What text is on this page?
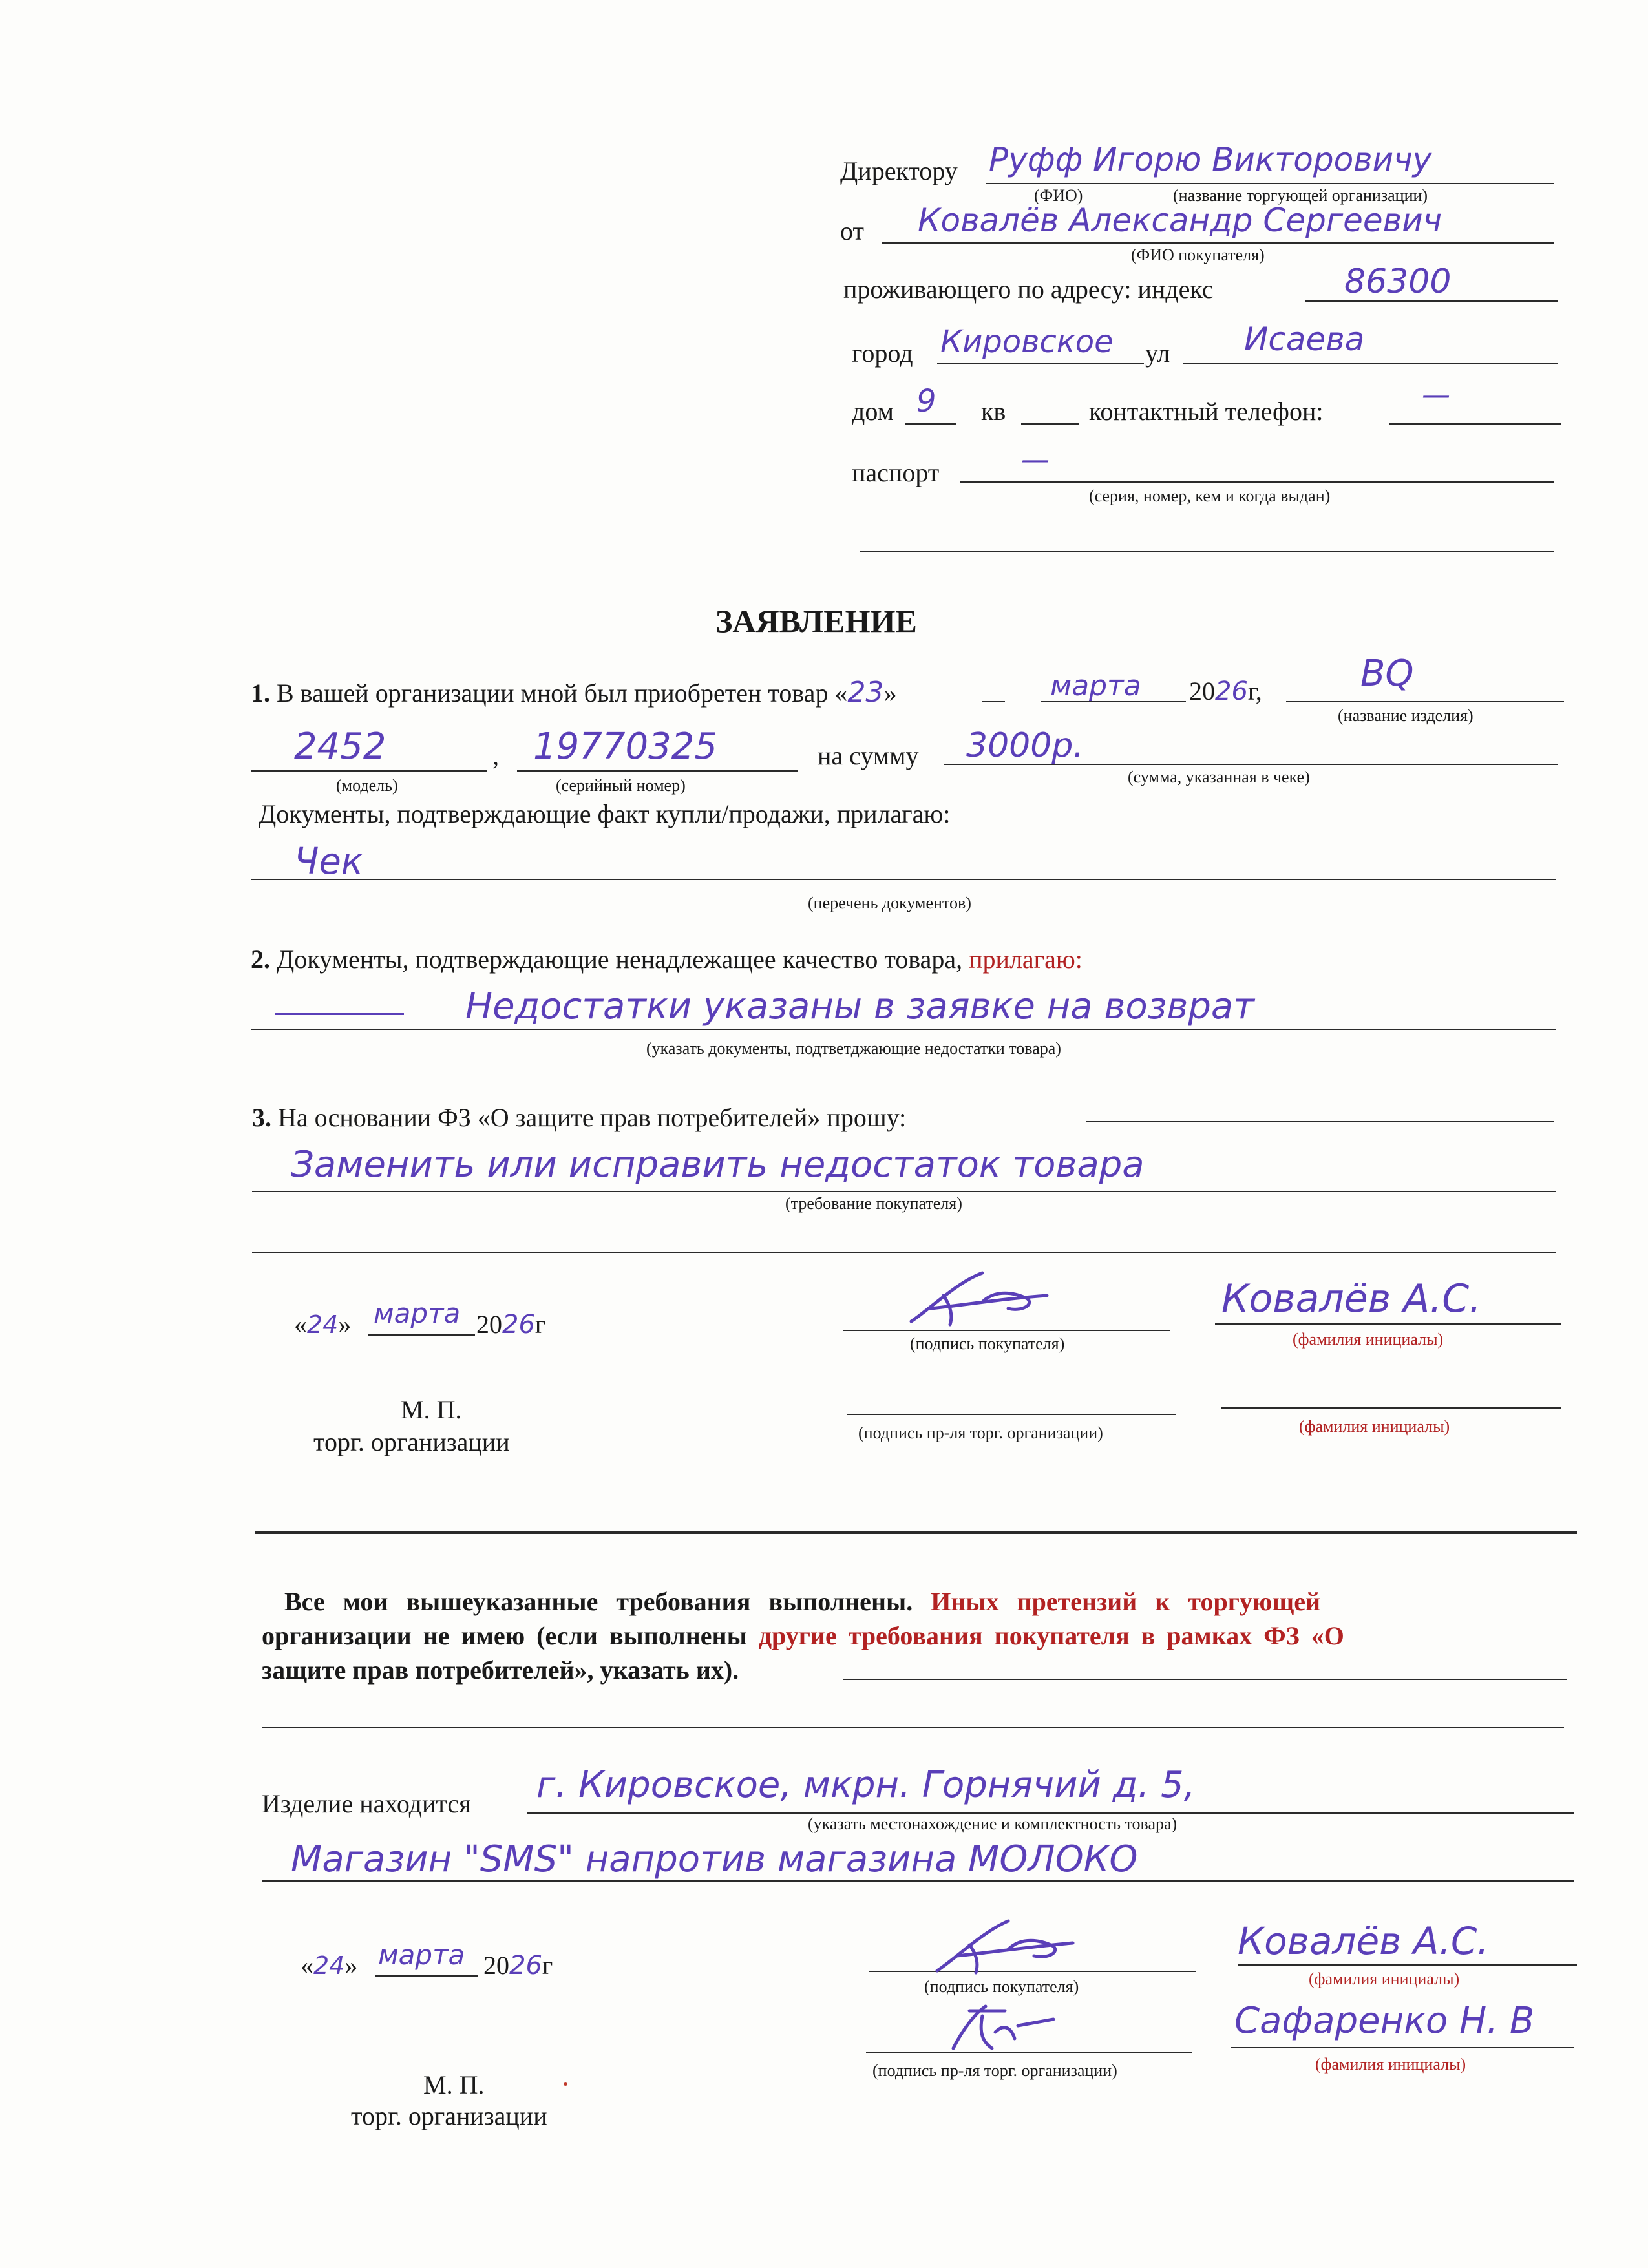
Директору Руфф Игорю Викторовичу
(ФИО)	(название торгующей организации)
от Ковалёв Александр Сергеевич
(ФИО покупателя)
проживающего по адресу: индекс	86300
город Кировское ул Исаева
дом 9 кв	контактный телефон:	—
паспорт	—
(серия, номер, кем и когда выдан)
ЗАЯВЛЕНИЕ
1. В вашей организации мной был приобретен товар «23»	марта 2026г,	BQ
(название изделия)
2452
(модель)
, 19770325
(серийный номер)
на сумму 3000р.
(сумма, указанная в чеке)
Документы, подтверждающие факт купли/продажи, прилагаю:
Чек
(перечень документов)
2. Документы, подтверждающие ненадлежащее качество товара, прилагаю:
Недостатки указаны в заявке на возврат
(указать документы, подтветджающие недостатки товара)
3. На основании ФЗ «О защите прав потребителей» прошу:
Заменить или исправить недостаток товара
(требование покупателя)
«24» марта 2026г
(подпись покупателя)
Ковалёв А.С.
(фамилия инициалы)
М. П.
торг. организации	(подпись пр-ля торг. организации)	(фамилия инициалы)
Все мои вышеуказанные требования выполнены. Иных претензий к торгующей
организации не имею (если выполнены другие требования покупателя в рамках ФЗ «О
защите прав потребителей», указать их).
Изделие находится г. Кировское, мкрн. Горнячий д. 5,
(указать местонахождение и комплектность товара)
Магазин "SMS" напротив магазина МОЛОКО
«24» марта 2026г
(подпись покупателя)
Ковалёв А.С.
(фамилия инициалы)
(подпись пр-ля торг. организации)
Сафаренко Н. В
(фамилия инициалы)
М. П.
торг. организации
